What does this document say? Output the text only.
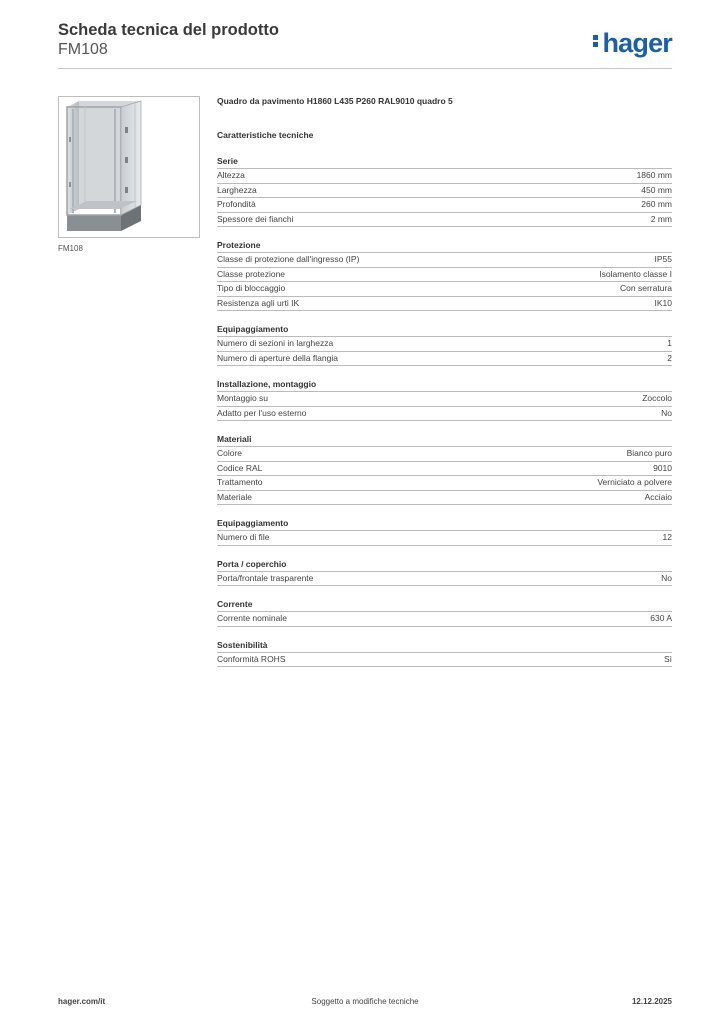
Scheda tecnica del prodotto
FM108	hager
FM108

Quadro da pavimento H1860 L435 P260 RAL9010 quadro 5

Caratteristiche tecniche
Serie
Altezza	1860 mm
Larghezza	450 mm
Profondità	260 mm
Spessore dei fianchi	2 mm
Protezione
Classe di protezione dall'ingresso (IP)	IP55
Classe protezione	Isolamento classe I
Tipo di bloccaggio	Con serratura
Resistenza agli urti IK	IK10
Equipaggiamento
Numero di sezioni in larghezza	1
Numero di aperture della flangia	2
Installazione, montaggio
Montaggio su	Zoccolo
Adatto per l'uso esterno	No
Materiali
Colore	Bianco puro
Codice RAL	9010
Trattamento	Verniciato a polvere
Materiale	Acciaio
Equipaggiamento
Numero di file	12
Porta / coperchio
Porta/frontale trasparente	No
Corrente
Corrente nominale	630 A
Sostenibilità
Conformità ROHS	Sì
hager.com/it	Soggetto a modifiche tecniche	12.12.2025
